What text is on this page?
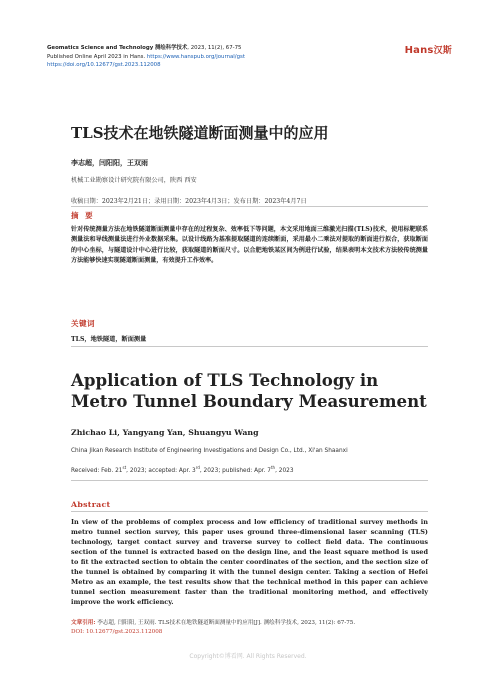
Geomatics Science and Technology 测绘科学技术, 2023, 11(2), 67-75
Published Online April 2023 in Hans. https://www.hanspub.org/journal/gst
https://doi.org/10.12677/gst.2023.112008
Hans汉斯
TLS技术在地铁隧道断面测量中的应用
李志超，闫阳阳，王双雨
机械工业勘察设计研究院有限公司，陕西 西安
收稿日期：2023年2月21日；录用日期：2023年4月3日；发布日期：2023年4月7日
摘 要
针对传统测量方法在地铁隧道断面测量中存在的过程复杂、效率低下等问题，本文采用地面三维激光扫描(TLS)技术，使用标靶联系测量法和导线测量法进行外业数据采集。以设计线路为基准提取隧道的连续断面，采用最小二乘法对提取的断面进行拟合，获取断面的中心坐标，与隧道设计中心进行比较，获取隧道的断面尺寸。以合肥地铁某区间为例进行试验，结果表明本文技术方法较传统测量方法能够快速实现隧道断面测量，有效提升工作效率。
关键词
TLS，地铁隧道，断面测量
Application of TLS Technology in Metro Tunnel Boundary Measurement
Zhichao Li, Yangyang Yan, Shuangyu Wang
China Jikan Research Institute of Engineering Investigations and Design Co., Ltd., Xi'an Shaanxi
Received: Feb. 21st, 2023; accepted: Apr. 3rd, 2023; published: Apr. 7th, 2023
Abstract
In view of the problems of complex process and low efficiency of traditional survey methods in metro tunnel section survey, this paper uses ground three-dimensional laser scanning (TLS) technology, target contact survey and traverse survey to collect field data. The continuous section of the tunnel is extracted based on the design line, and the least square method is used to fit the extracted section to obtain the center coordinates of the section, and the section size of the tunnel is obtained by comparing it with the tunnel design center. Taking a section of Hefei Metro as an example, the test results show that the technical method in this paper can achieve tunnel section measurement faster than the traditional monitoring method, and effectively improve the work efficiency.
文章引用: 李志超, 闫阳阳, 王双雨. TLS技术在地铁隧道断面测量中的应用[J]. 测绘科学技术, 2023, 11(2): 67-75.
DOI: 10.12677/gst.2023.112008
Copyright©博看网. All Rights Reserved.
